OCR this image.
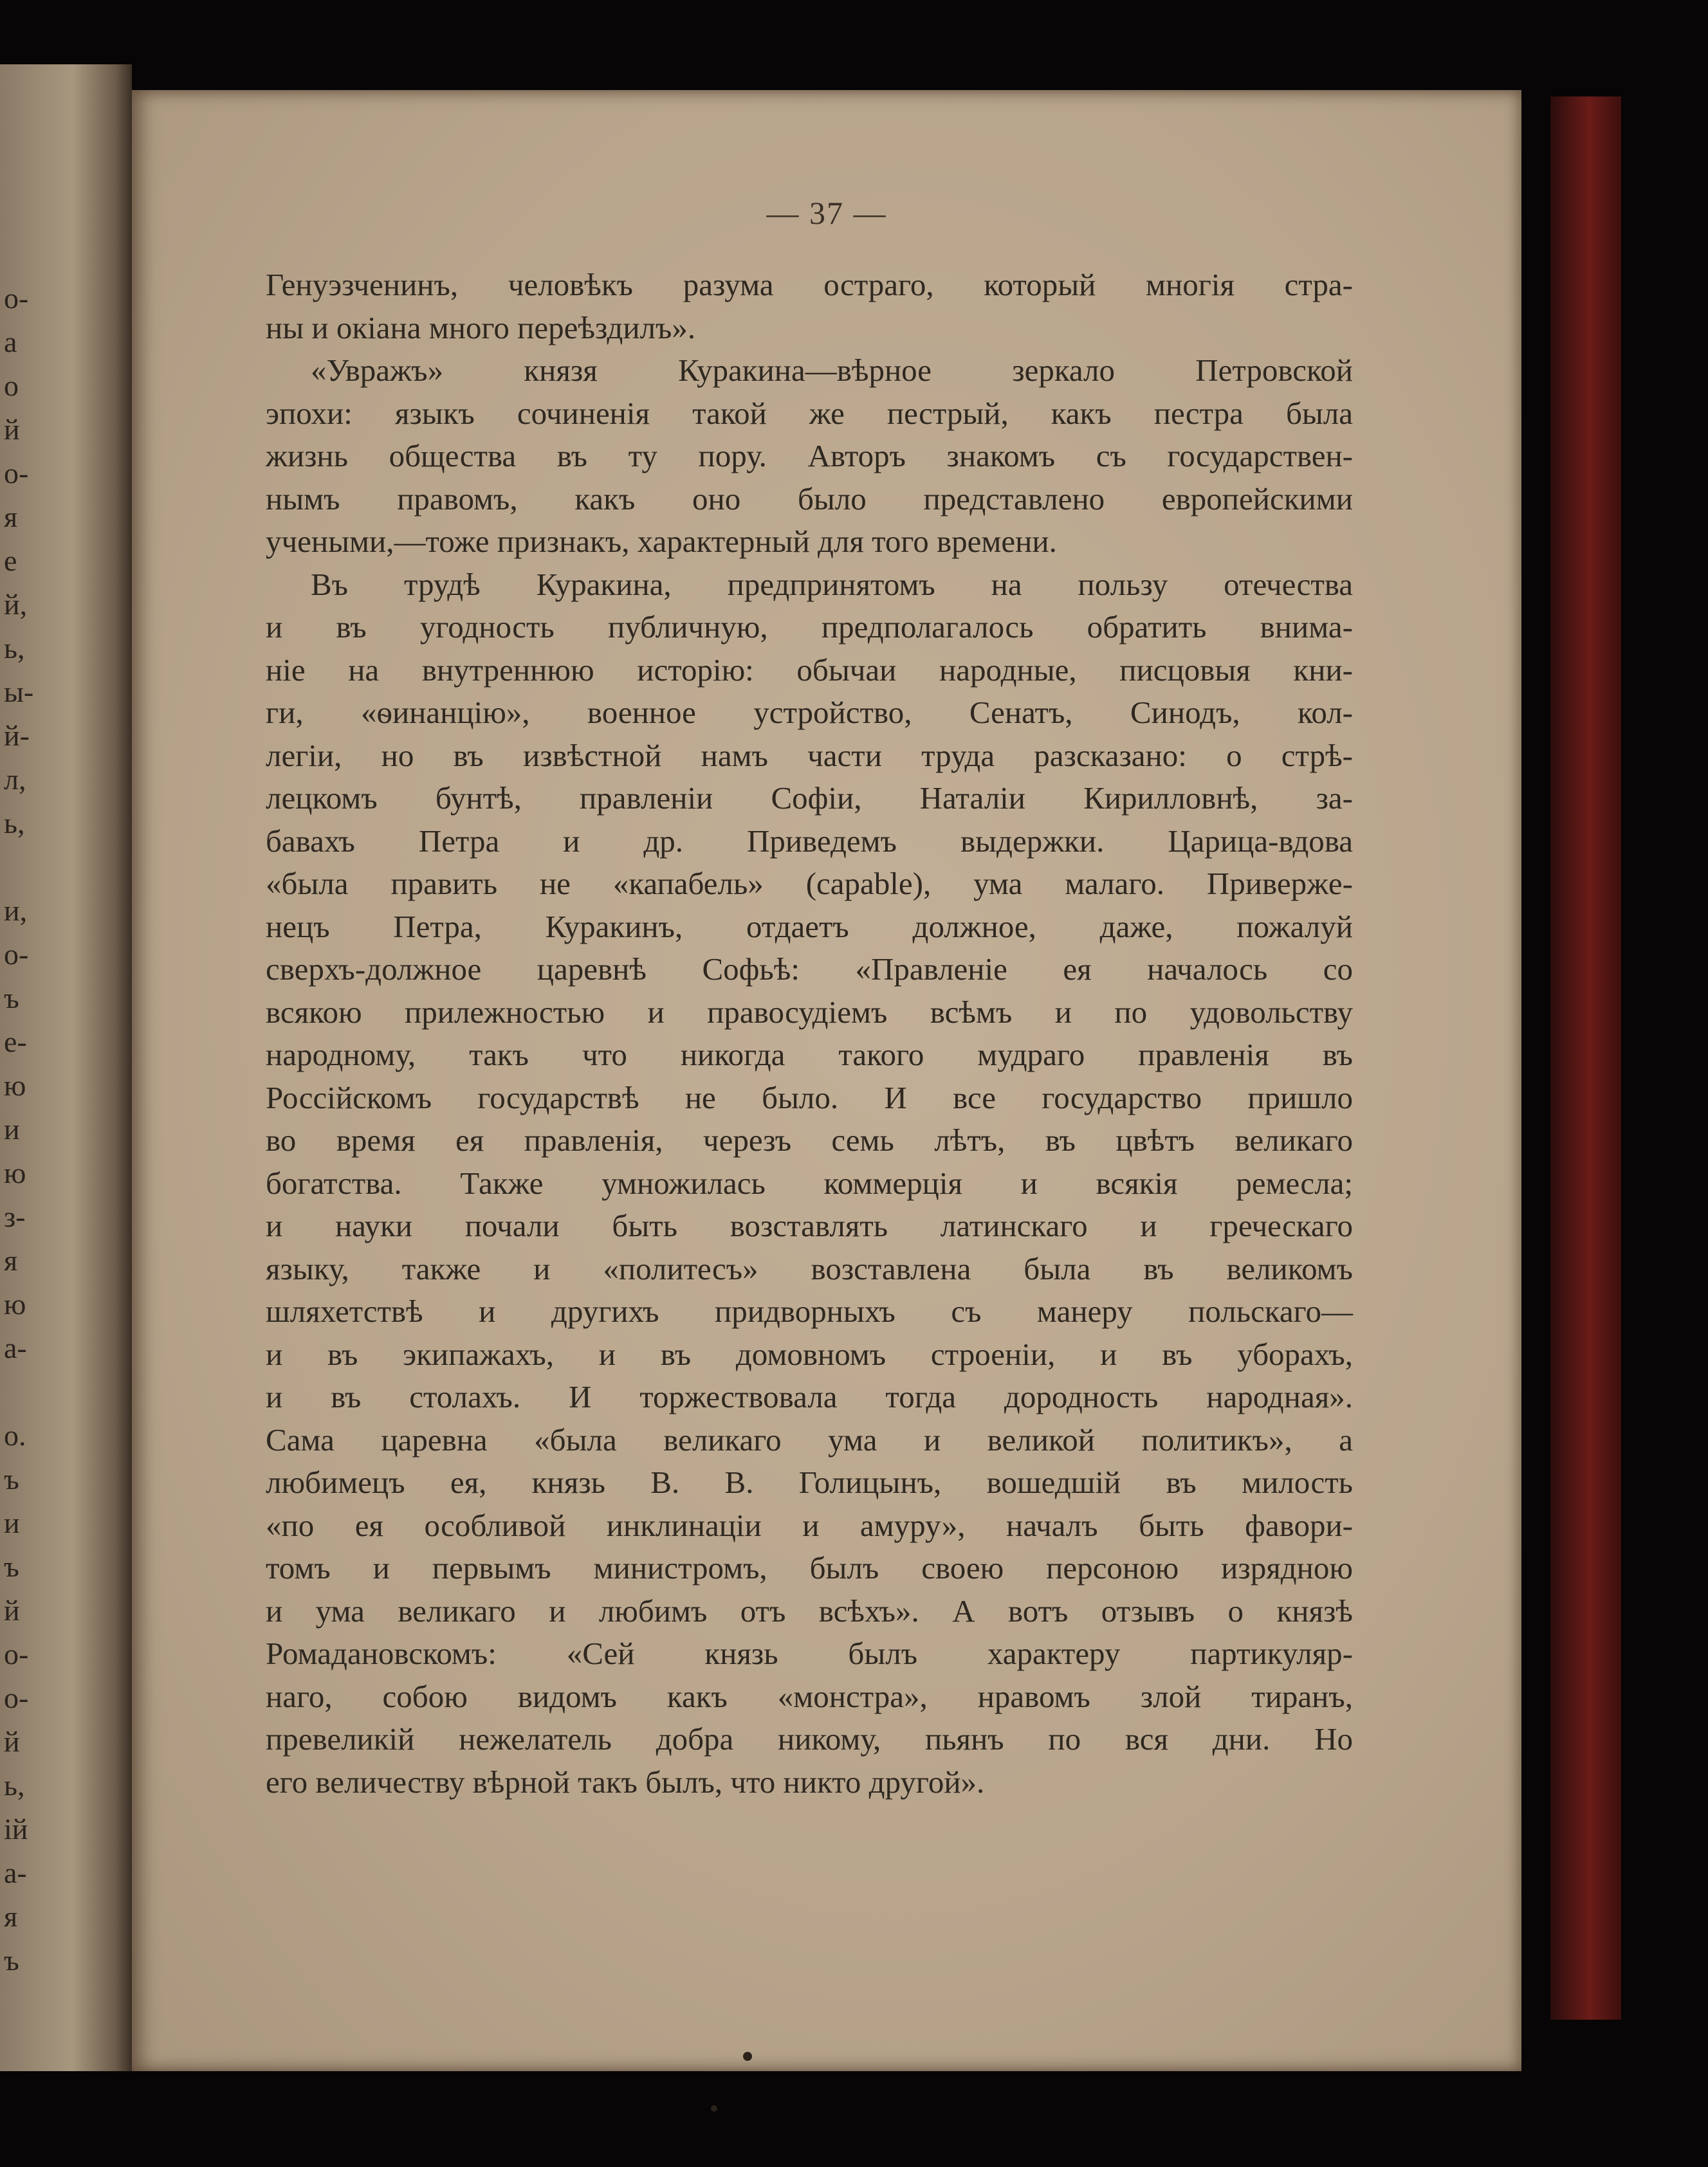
о-
а
о
й
о-
я
е
й,
ь,
ы-
й-
л,
ь,
и,
о-
ъ
е-
ю
и
ю
з-
я
ю
а-
о.
ъ
и
ъ
й
о-
о-
й
ь,
ій
а-
я
ъ
— 37 —
Генуэзченинъ, человѣкъ разума остраго, который многія стра-
ны и окіана много переѣздилъ».
«Увражъ» князя Куракина—вѣрное зеркало Петровской
эпохи: языкъ сочиненія такой же пестрый, какъ пестра была
жизнь общества въ ту пору. Авторъ знакомъ съ государствен-
нымъ правомъ, какъ оно было представлено европейскими
учеными,—тоже признакъ, характерный для того времени.
Въ трудѣ Куракина, предпринятомъ на пользу отечества
и въ угодность публичную, предполагалось обратить внима-
ніе на внутреннюю исторію: обычаи народные, писцовыя кни-
ги, «ѳинанцію», военное устройство, Сенатъ, Синодъ, кол-
легіи, но въ извѣстной намъ части труда разсказано: о стрѣ-
лецкомъ бунтѣ, правленіи Софіи, Наталіи Кирилловнѣ, за-
бавахъ Петра и др. Приведемъ выдержки. Царица-вдова
«была править не «капабель» (capable), ума малаго. Привержe-
нецъ Петра, Куракинъ, отдаетъ должное, даже, пожалуй
сверхъ-должное царевнѣ Софьѣ: «Правленіе ея началось со
всякою прилежностью и правосудіемъ всѣмъ и по удовольству
народному, такъ что никогда такого мудраго правленія въ
Россійскомъ государствѣ не было. И все государство пришло
во время ея правленія, черезъ семь лѣтъ, въ цвѣтъ великаго
богатства. Также умножилась коммерція и всякія ремесла;
и науки почали быть возставлять латинскаго и греческаго
языку, также и «политесъ» возставлена была въ великомъ
шляхетствѣ и другихъ придворныхъ съ манеру польскаго—
и въ экипажахъ, и въ домовномъ строеніи, и въ уборахъ,
и въ столахъ. И торжествовала тогда дородность народная».
Сама царевна «была великаго ума и великой политикъ», а
любимецъ ея, князь В. В. Голицынъ, вошедшій въ милость
«по ея особливой инклинаціи и амуру», началъ быть фавори-
томъ и первымъ министромъ, былъ своею персоною изрядною
и ума великаго и любимъ отъ всѣхъ». А вотъ отзывъ о князѣ
Ромадановскомъ: «Сей князь былъ характеру партикуляр-
наго, собою видомъ какъ «монстра», нравомъ злой тиранъ,
превеликій нежелатель добра никому, пьянъ по вся дни. Но
его величеству вѣрной такъ былъ, что никто другой».
